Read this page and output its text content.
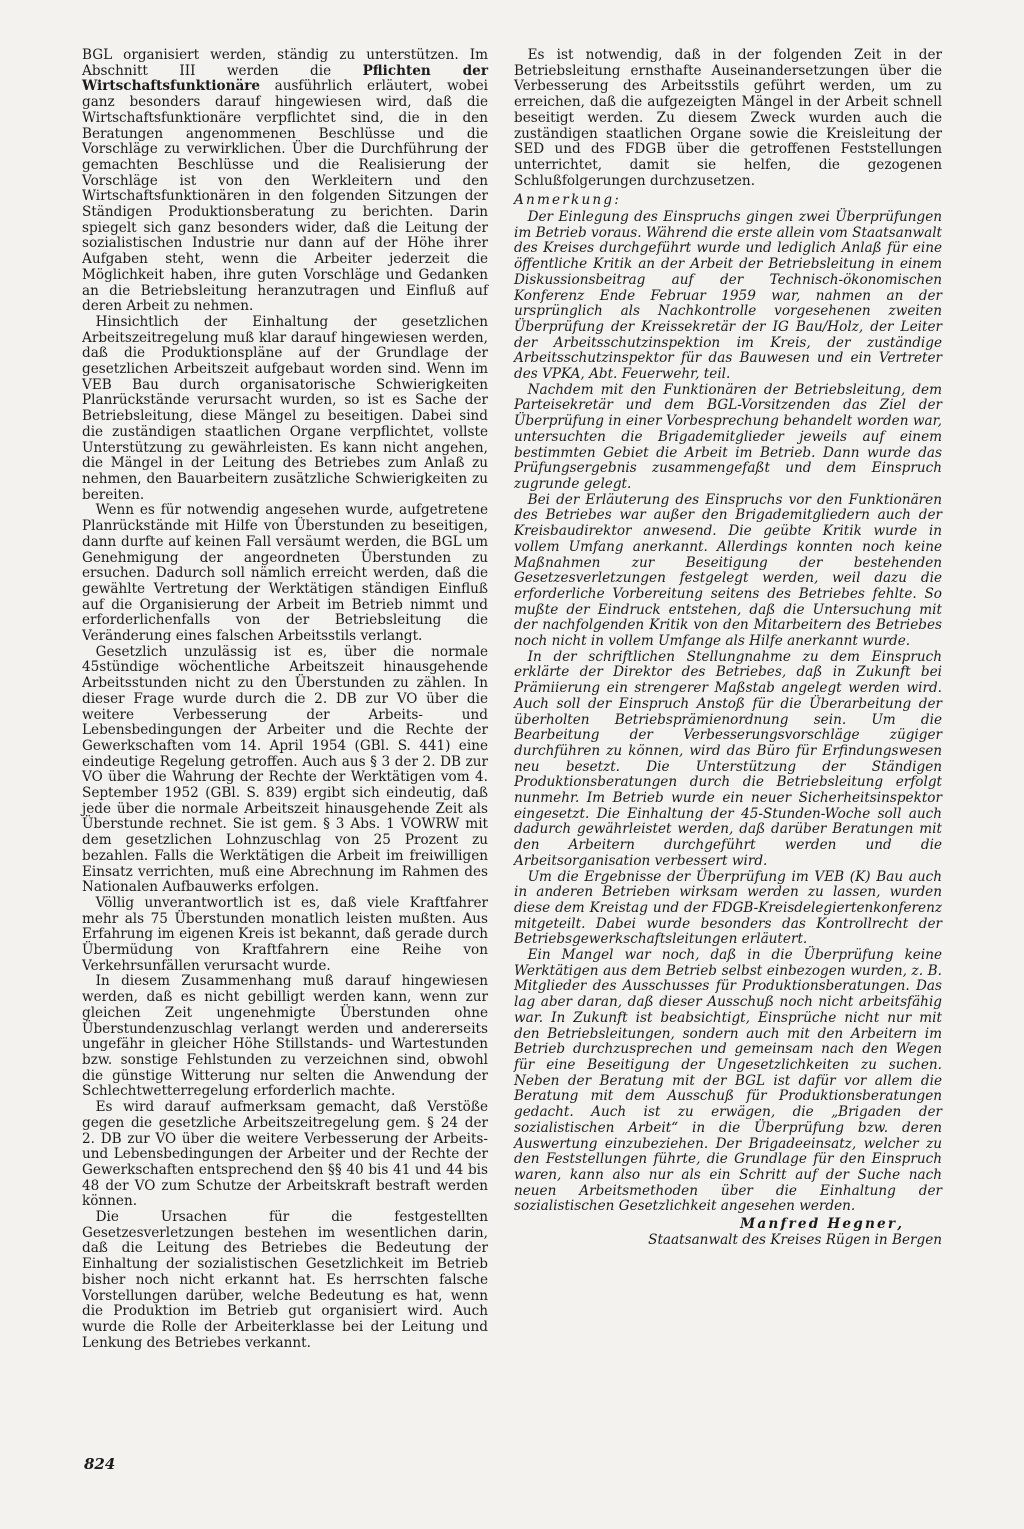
BGL organisiert werden, ständig zu unterstützen. Im Abschnitt III werden die Pflichten der Wirtschaftsfunktionäre ausführlich erläutert, wobei ganz besonders darauf hingewiesen wird, daß die Wirtschaftsfunktionäre verpflichtet sind, die in den Beratungen angenommenen Beschlüsse und die Vorschläge zu verwirklichen. Über die Durchführung der gemachten Beschlüsse und die Realisierung der Vorschläge ist von den Werkleitern und den Wirtschaftsfunktionären in den folgenden Sitzungen der Ständigen Produktionsberatung zu berichten. Darin spiegelt sich ganz besonders wider, daß die Leitung der sozialistischen Industrie nur dann auf der Höhe ihrer Aufgaben steht, wenn die Arbeiter jederzeit die Möglichkeit haben, ihre guten Vorschläge und Gedanken an die Betriebsleitung heranzutragen und Einfluß auf deren Arbeit zu nehmen.

Hinsichtlich der Einhaltung der gesetzlichen Arbeitszeitregelung muß klar darauf hingewiesen werden, daß die Produktionspläne auf der Grundlage der gesetzlichen Arbeitszeit aufgebaut worden sind. Wenn im VEB Bau durch organisatorische Schwierigkeiten Planrückstände verursacht wurden, so ist es Sache der Betriebsleitung, diese Mängel zu beseitigen. Dabei sind die zuständigen staatlichen Organe verpflichtet, vollste Unterstützung zu gewährleisten. Es kann nicht angehen, die Mängel in der Leitung des Betriebes zum Anlaß zu nehmen, den Bauarbeitern zusätzliche Schwierigkeiten zu bereiten.

Wenn es für notwendig angesehen wurde, aufgetretene Planrückstände mit Hilfe von Überstunden zu beseitigen, dann durfte auf keinen Fall versäumt werden, die BGL um Genehmigung der angeordneten Überstunden zu ersuchen. Dadurch soll nämlich erreicht werden, daß die gewählte Vertretung der Werktätigen ständigen Einfluß auf die Organisierung der Arbeit im Betrieb nimmt und erforderlichenfalls von der Betriebsleitung die Veränderung eines falschen Arbeitsstils verlangt.

Gesetzlich unzulässig ist es, über die normale 45stündige wöchentliche Arbeitszeit hinausgehende Arbeitsstunden nicht zu den Überstunden zu zählen. In dieser Frage wurde durch die 2. DB zur VO über die weitere Verbesserung der Arbeits- und Lebensbedingungen der Arbeiter und die Rechte der Gewerkschaften vom 14. April 1954 (GBl. S. 441) eine eindeutige Regelung getroffen. Auch aus § 3 der 2. DB zur VO über die Wahrung der Rechte der Werktätigen vom 4. September 1952 (GBl. S. 839) ergibt sich eindeutig, daß jede über die normale Arbeitszeit hinausgehende Zeit als Überstunde rechnet. Sie ist gem. § 3 Abs. 1 VOWRW mit dem gesetzlichen Lohnzuschlag von 25 Prozent zu bezahlen. Falls die Werktätigen die Arbeit im freiwilligen Einsatz verrichten, muß eine Abrechnung im Rahmen des Nationalen Aufbauwerks erfolgen.

Völlig unverantwortlich ist es, daß viele Kraftfahrer mehr als 75 Überstunden monatlich leisten mußten. Aus Erfahrung im eigenen Kreis ist bekannt, daß gerade durch Übermüdung von Kraftfahrern eine Reihe von Verkehrsunfällen verursacht wurde.

In diesem Zusammenhang muß darauf hingewiesen werden, daß es nicht gebilligt werden kann, wenn zur gleichen Zeit ungenehmigte Überstunden ohne Überstundenzuschlag verlangt werden und andererseits ungefähr in gleicher Höhe Stillstands- und Wartestunden bzw. sonstige Fehlstunden zu verzeichnen sind, obwohl die günstige Witterung nur selten die Anwendung der Schlechtwetterregelung erforderlich machte.

Es wird darauf aufmerksam gemacht, daß Verstöße gegen die gesetzliche Arbeitszeitregelung gem. § 24 der 2. DB zur VO über die weitere Verbesserung der Arbeits- und Lebensbedingungen der Arbeiter und der Rechte der Gewerkschaften entsprechend den §§ 40 bis 41 und 44 bis 48 der VO zum Schutze der Arbeitskraft bestraft werden können.

Die Ursachen für die festgestellten Gesetzesverletzungen bestehen im wesentlichen darin, daß die Leitung des Betriebes die Bedeutung der Einhaltung der sozialistischen Gesetzlichkeit im Betrieb bisher noch nicht erkannt hat. Es herrschten falsche Vorstellungen darüber, welche Bedeutung es hat, wenn die Produktion im Betrieb gut organisiert wird. Auch wurde die Rolle der Arbeiterklasse bei der Leitung und Lenkung des Betriebes verkannt.

Es ist notwendig, daß in der folgenden Zeit in der Betriebsleitung ernsthafte Auseinandersetzungen über die Verbesserung des Arbeitsstils geführt werden, um zu erreichen, daß die aufgezeigten Mängel in der Arbeit schnell beseitigt werden. Zu diesem Zweck wurden auch die zuständigen staatlichen Organe sowie die Kreisleitung der SED und des FDGB über die getroffenen Feststellungen unterrichtet, damit sie helfen, die gezogenen Schlußfolgerungen durchzusetzen.

Anmerkung:

Der Einlegung des Einspruchs gingen zwei Überprüfungen im Betrieb voraus. Während die erste allein vom Staatsanwalt des Kreises durchgeführt wurde und lediglich Anlaß für eine öffentliche Kritik an der Arbeit der Betriebsleitung in einem Diskussionsbeitrag auf der Technisch-ökonomischen Konferenz Ende Februar 1959 war, nahmen an der ursprünglich als Nachkontrolle vorgesehenen zweiten Überprüfung der Kreissekretär der IG Bau/Holz, der Leiter der Arbeitsschutzinspektion im Kreis, der zuständige Arbeitsschutzinspektor für das Bauwesen und ein Vertreter des VPKA, Abt. Feuerwehr, teil.

Nachdem mit den Funktionären der Betriebsleitung, dem Parteisekretär und dem BGL-Vorsitzenden das Ziel der Überprüfung in einer Vorbesprechung behandelt worden war, untersuchten die Brigademitglieder jeweils auf einem bestimmten Gebiet die Arbeit im Betrieb. Dann wurde das Prüfungsergebnis zusammengefaßt und dem Einspruch zugrunde gelegt.

Bei der Erläuterung des Einspruchs vor den Funktionären des Betriebes war außer den Brigademitgliedern auch der Kreisbaudirektor anwesend. Die geübte Kritik wurde in vollem Umfang anerkannt. Allerdings konnten noch keine Maßnahmen zur Beseitigung der bestehenden Gesetzesverletzungen festgelegt werden, weil dazu die erforderliche Vorbereitung seitens des Betriebes fehlte. So mußte der Eindruck entstehen, daß die Untersuchung mit der nachfolgenden Kritik von den Mitarbeitern des Betriebes noch nicht in vollem Umfange als Hilfe anerkannt wurde.

In der schriftlichen Stellungnahme zu dem Einspruch erklärte der Direktor des Betriebes, daß in Zukunft bei Prämiierung ein strengerer Maßstab angelegt werden wird. Auch soll der Einspruch Anstoß für die Überarbeitung der überholten Betriebsprämienordnung sein. Um die Bearbeitung der Verbesserungsvorschläge zügiger durchführen zu können, wird das Büro für Erfindungswesen neu besetzt. Die Unterstützung der Ständigen Produktionsberatungen durch die Betriebsleitung erfolgt nunmehr. Im Betrieb wurde ein neuer Sicherheitsinspektor eingesetzt. Die Einhaltung der 45-Stunden-Woche soll auch dadurch gewährleistet werden, daß darüber Beratungen mit den Arbeitern durchgeführt werden und die Arbeitsorganisation verbessert wird.

Um die Ergebnisse der Überprüfung im VEB (K) Bau auch in anderen Betrieben wirksam werden zu lassen, wurden diese dem Kreistag und der FDGB-Kreisdelegiertenkonferenz mitgeteilt. Dabei wurde besonders das Kontrollrecht der Betriebsgewerkschaftsleitungen erläutert.

Ein Mangel war noch, daß in die Überprüfung keine Werktätigen aus dem Betrieb selbst einbezogen wurden, z. B. Mitglieder des Ausschusses für Produktionsberatungen. Das lag aber daran, daß dieser Ausschuß noch nicht arbeitsfähig war. In Zukunft ist beabsichtigt, Einsprüche nicht nur mit den Betriebsleitungen, sondern auch mit den Arbeitern im Betrieb durchzusprechen und gemeinsam nach den Wegen für eine Beseitigung der Ungesetzlichkeiten zu suchen. Neben der Beratung mit der BGL ist dafür vor allem die Beratung mit dem Ausschuß für Produktionsberatungen gedacht. Auch ist zu erwägen, die „Brigaden der sozialistischen Arbeit“ in die Überprüfung bzw. deren Auswertung einzubeziehen. Der Brigadeeinsatz, welcher zu den Feststellungen führte, die Grundlage für den Einspruch waren, kann also nur als ein Schritt auf der Suche nach neuen Arbeitsmethoden über die Einhaltung der sozialistischen Gesetzlichkeit angesehen werden.

Manfred Hegner,

Staatsanwalt des Kreises Rügen in Bergen

824
